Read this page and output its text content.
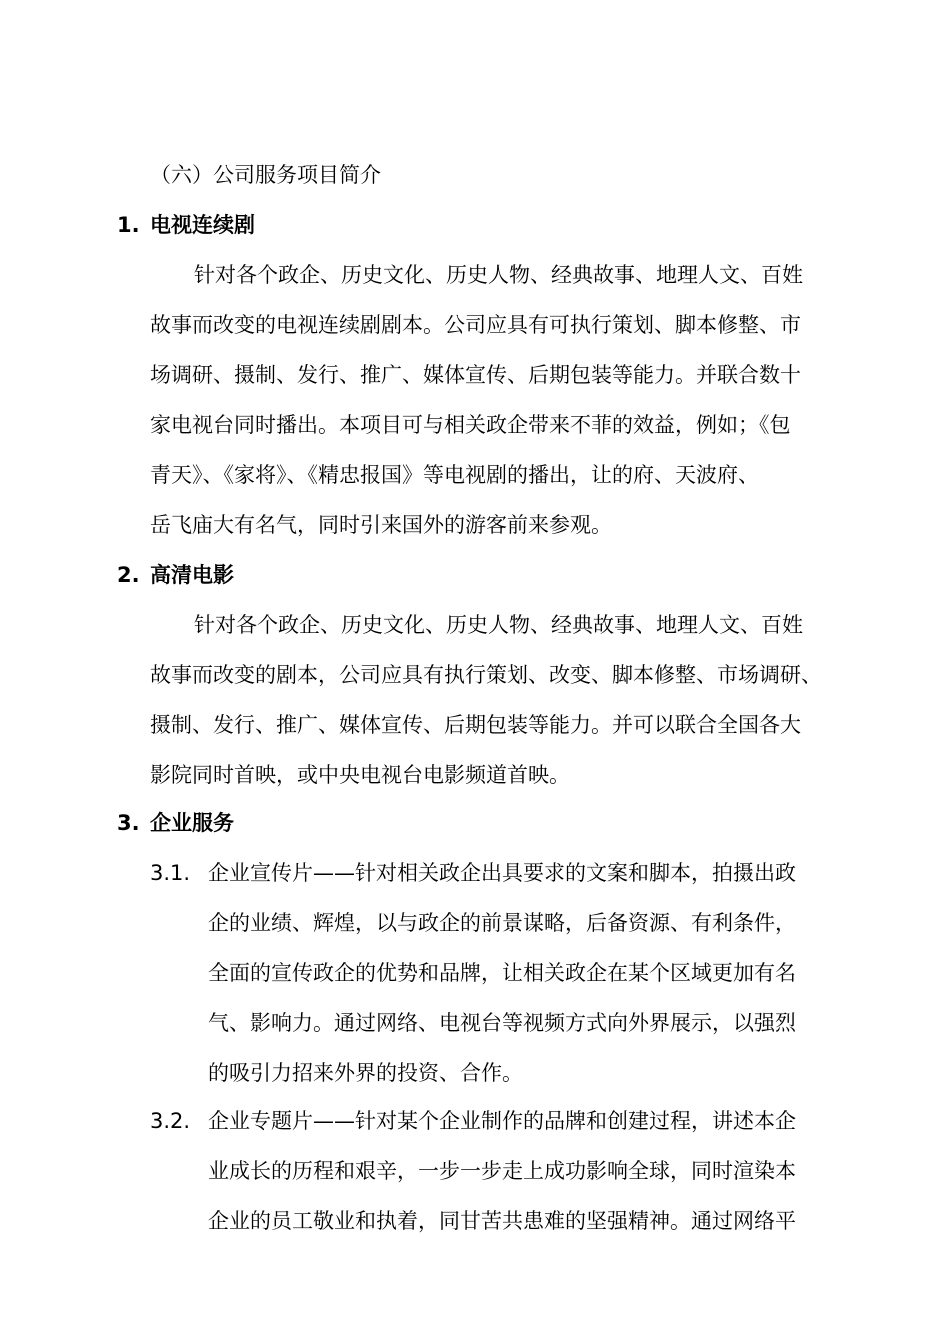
（六）公司服务项目简介
1. 电视连续剧
针对各个政企、历史文化、历史人物、经典故事、地理人文、百姓
故事而改变的电视连续剧剧本。公司应具有可执行策划、脚本修整、市
场调研、摄制、发行、推广、媒体宣传、后期包装等能力。并联合数十
家电视台同时播出。本项目可与相关政企带来不菲的效益，例如；《包
青天》、《家将》、《精忠报国》等电视剧的播出，让的府、天波府、
岳飞庙大有名气，同时引来国外的游客前来参观。
2. 高清电影
针对各个政企、历史文化、历史人物、经典故事、地理人文、百姓
故事而改变的剧本，公司应具有执行策划、改变、脚本修整、市场调研、
摄制、发行、推广、媒体宣传、后期包装等能力。并可以联合全国各大
影院同时首映，或中央电视台电影频道首映。
3. 企业服务
3.1. 企业宣传片——针对相关政企出具要求的文案和脚本，拍摄出政
企的业绩、辉煌，以与政企的前景谋略，后备资源、有利条件，
全面的宣传政企的优势和品牌，让相关政企在某个区域更加有名
气、影响力。通过网络、电视台等视频方式向外界展示，以强烈
的吸引力招来外界的投资、合作。
3.2. 企业专题片——针对某个企业制作的品牌和创建过程，讲述本企
业成长的历程和艰辛，一步一步走上成功影响全球，同时渲染本
企业的员工敬业和执着，同甘苦共患难的坚强精神。通过网络平
